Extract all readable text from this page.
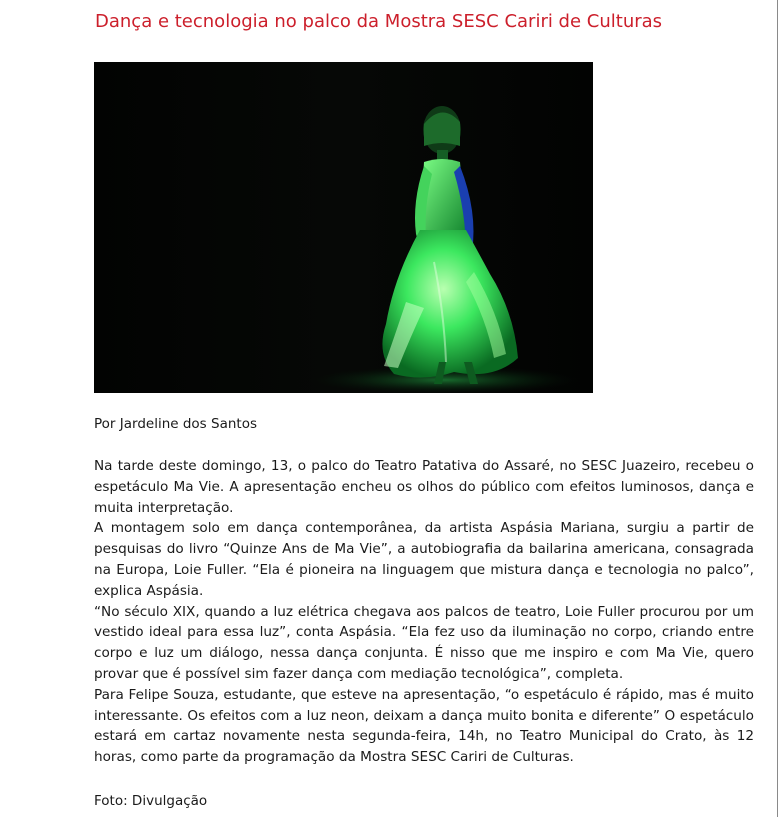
Dança e tecnologia no palco da Mostra SESC Cariri de Culturas

Por Jardeline dos Santos

Na tarde deste domingo, 13, o palco do Teatro Patativa do Assaré, no SESC Juazeiro, recebeu o espetáculo Ma Vie. A apresentação encheu os olhos do público com efeitos luminosos, dança e muita interpretação.

A montagem solo em dança contemporânea, da artista Aspásia Mariana, surgiu a partir de pesquisas do livro “Quinze Ans de Ma Vie”, a autobiografia da bailarina americana, consagrada na Europa, Loie Fuller. “Ela é pioneira na linguagem que mistura dança e tecnologia no palco”, explica Aspásia.

“No século XIX, quando a luz elétrica chegava aos palcos de teatro, Loie Fuller procurou por um vestido ideal para essa luz”, conta Aspásia. “Ela fez uso da iluminação no corpo, criando entre corpo e luz um diálogo, nessa dança conjunta. É nisso que me inspiro e com Ma Vie, quero provar que é possível sim fazer dança com mediação tecnológica”, completa.

Para Felipe Souza, estudante, que esteve na apresentação, “o espetáculo é rápido, mas é muito interessante. Os efeitos com a luz neon, deixam a dança muito bonita e diferente” O espetáculo estará em cartaz novamente nesta segunda-feira, 14h, no Teatro Municipal do Crato, às 12 horas, como parte da programação da Mostra SESC Cariri de Culturas.

Foto: Divulgação
